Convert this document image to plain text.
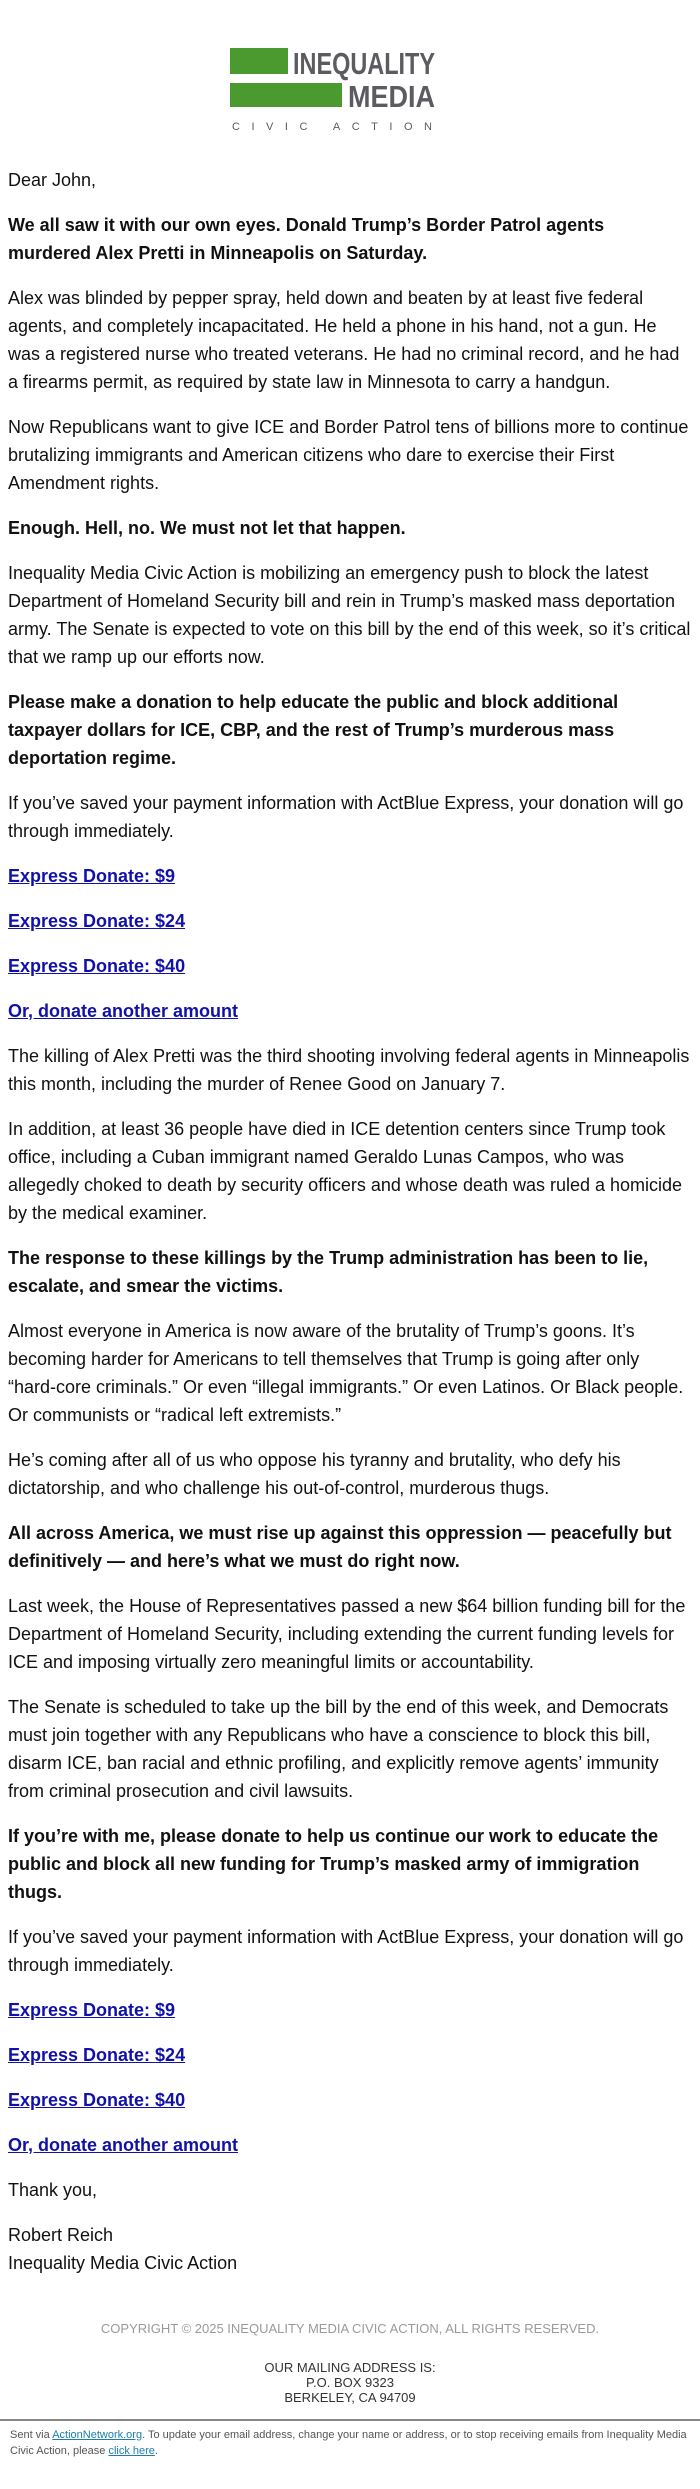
INEQUALITY
MEDIA
CIVIC ACTION

Dear John,

We all saw it with our own eyes. Donald Trump’s Border Patrol agents murdered Alex Pretti in Minneapolis on Saturday.

Alex was blinded by pepper spray, held down and beaten by at least five federal agents, and completely incapacitated. He held a phone in his hand, not a gun. He was a registered nurse who treated veterans. He had no criminal record, and he had a firearms permit, as required by state law in Minnesota to carry a handgun.

Now Republicans want to give ICE and Border Patrol tens of billions more to continue brutalizing immigrants and American citizens who dare to exercise their First Amendment rights.

Enough. Hell, no. We must not let that happen.

Inequality Media Civic Action is mobilizing an emergency push to block the latest Department of Homeland Security bill and rein in Trump’s masked mass deportation army. The Senate is expected to vote on this bill by the end of this week, so it’s critical that we ramp up our efforts now.

Please make a donation to help educate the public and block additional taxpayer dollars for ICE, CBP, and the rest of Trump’s murderous mass deportation regime.

If you’ve saved your payment information with ActBlue Express, your donation will go through immediately.

Express Donate: $9

Express Donate: $24

Express Donate: $40

Or, donate another amount

The killing of Alex Pretti was the third shooting involving federal agents in Minneapolis this month, including the murder of Renee Good on January 7.

In addition, at least 36 people have died in ICE detention centers since Trump took office, including a Cuban immigrant named Geraldo Lunas Campos, who was allegedly choked to death by security officers and whose death was ruled a homicide by the medical examiner.

The response to these killings by the Trump administration has been to lie, escalate, and smear the victims.

Almost everyone in America is now aware of the brutality of Trump’s goons. It’s becoming harder for Americans to tell themselves that Trump is going after only “hard-core criminals.” Or even “illegal immigrants.” Or even Latinos. Or Black people. Or communists or “radical left extremists.”

He’s coming after all of us who oppose his tyranny and brutality, who defy his dictatorship, and who challenge his out-of-control, murderous thugs.

All across America, we must rise up against this oppression — peacefully but definitively — and here’s what we must do right now.

Last week, the House of Representatives passed a new $64 billion funding bill for the Department of Homeland Security, including extending the current funding levels for ICE and imposing virtually zero meaningful limits or accountability.

The Senate is scheduled to take up the bill by the end of this week, and Democrats must join together with any Republicans who have a conscience to block this bill, disarm ICE, ban racial and ethnic profiling, and explicitly remove agents’ immunity from criminal prosecution and civil lawsuits.

If you’re with me, please donate to help us continue our work to educate the public and block all new funding for Trump’s masked army of immigration thugs.

If you’ve saved your payment information with ActBlue Express, your donation will go through immediately.

Express Donate: $9

Express Donate: $24

Express Donate: $40

Or, donate another amount

Thank you,

Robert Reich
Inequality Media Civic Action

COPYRIGHT © 2025 INEQUALITY MEDIA CIVIC ACTION, ALL RIGHTS RESERVED.
OUR MAILING ADDRESS IS:
P.O. BOX 9323
BERKELEY, CA 94709
Sent via ActionNetwork.org. To update your email address, change your name or address, or to stop receiving emails from Inequality Media Civic Action, please click here.
